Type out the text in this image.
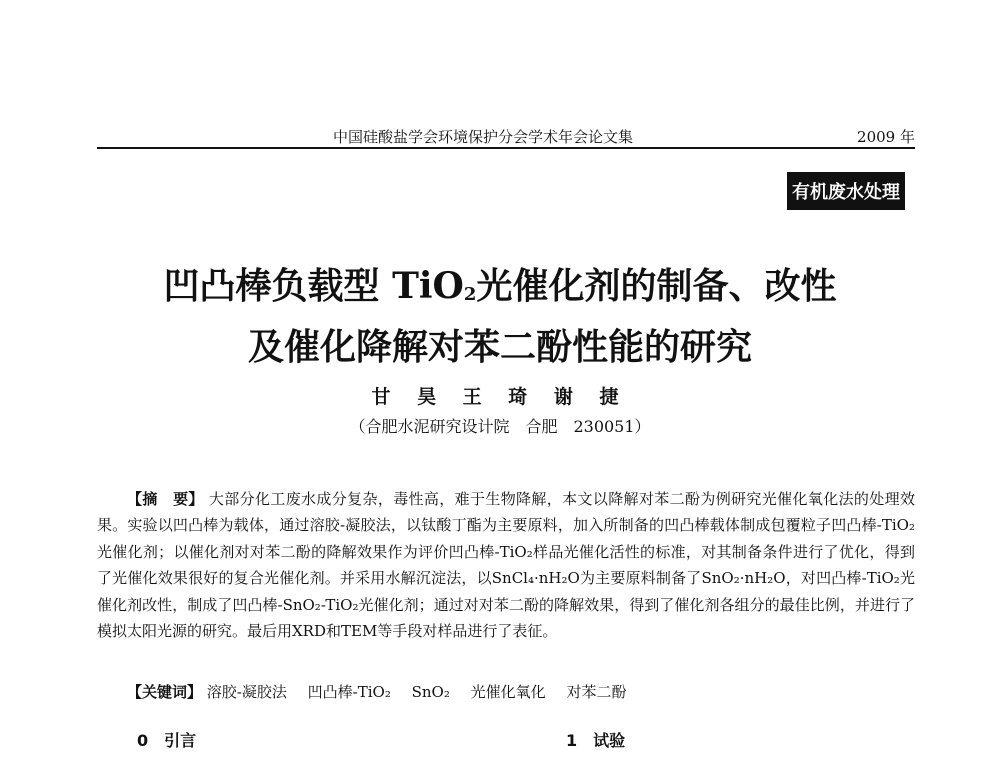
中国硅酸盐学会环境保护分会学术年会论文集	2009 年
有机废水处理
凹凸棒负载型 TiO$_2$光催化剂的制备、改性
及催化降解对苯二酚性能的研究
甘 昊 王 琦 谢 捷
（合肥水泥研究设计院　合肥　230051）
【摘　要】 大部分化工废水成分复杂，毒性高，难于生物降解，本文以降解对苯二酚为例研究光催化氧化法的处理效果。实验以凹凸棒为载体，通过溶胶-凝胶法，以钛酸丁酯为主要原料，加入所制备的凹凸棒载体制成包覆粒子凹凸棒-TiO₂光催化剂；以催化剂对对苯二酚的降解效果作为评价凹凸棒-TiO₂样品光催化活性的标准，对其制备条件进行了优化，得到了光催化效果很好的复合光催化剂。并采用水解沉淀法，以SnCl₄·nH₂O为主要原料制备了SnO₂·nH₂O，对凹凸棒-TiO₂光催化剂改性，制成了凹凸棒-SnO₂-TiO₂光催化剂；通过对对苯二酚的降解效果，得到了催化剂各组分的最佳比例，并进行了模拟太阳光源的研究。最后用XRD和TEM等手段对样品进行了表征。
【关键词】 溶胶-凝胶法 凹凸棒-TiO₂ SnO₂ 光催化氧化 对苯二酚
0　引言	1　试验
